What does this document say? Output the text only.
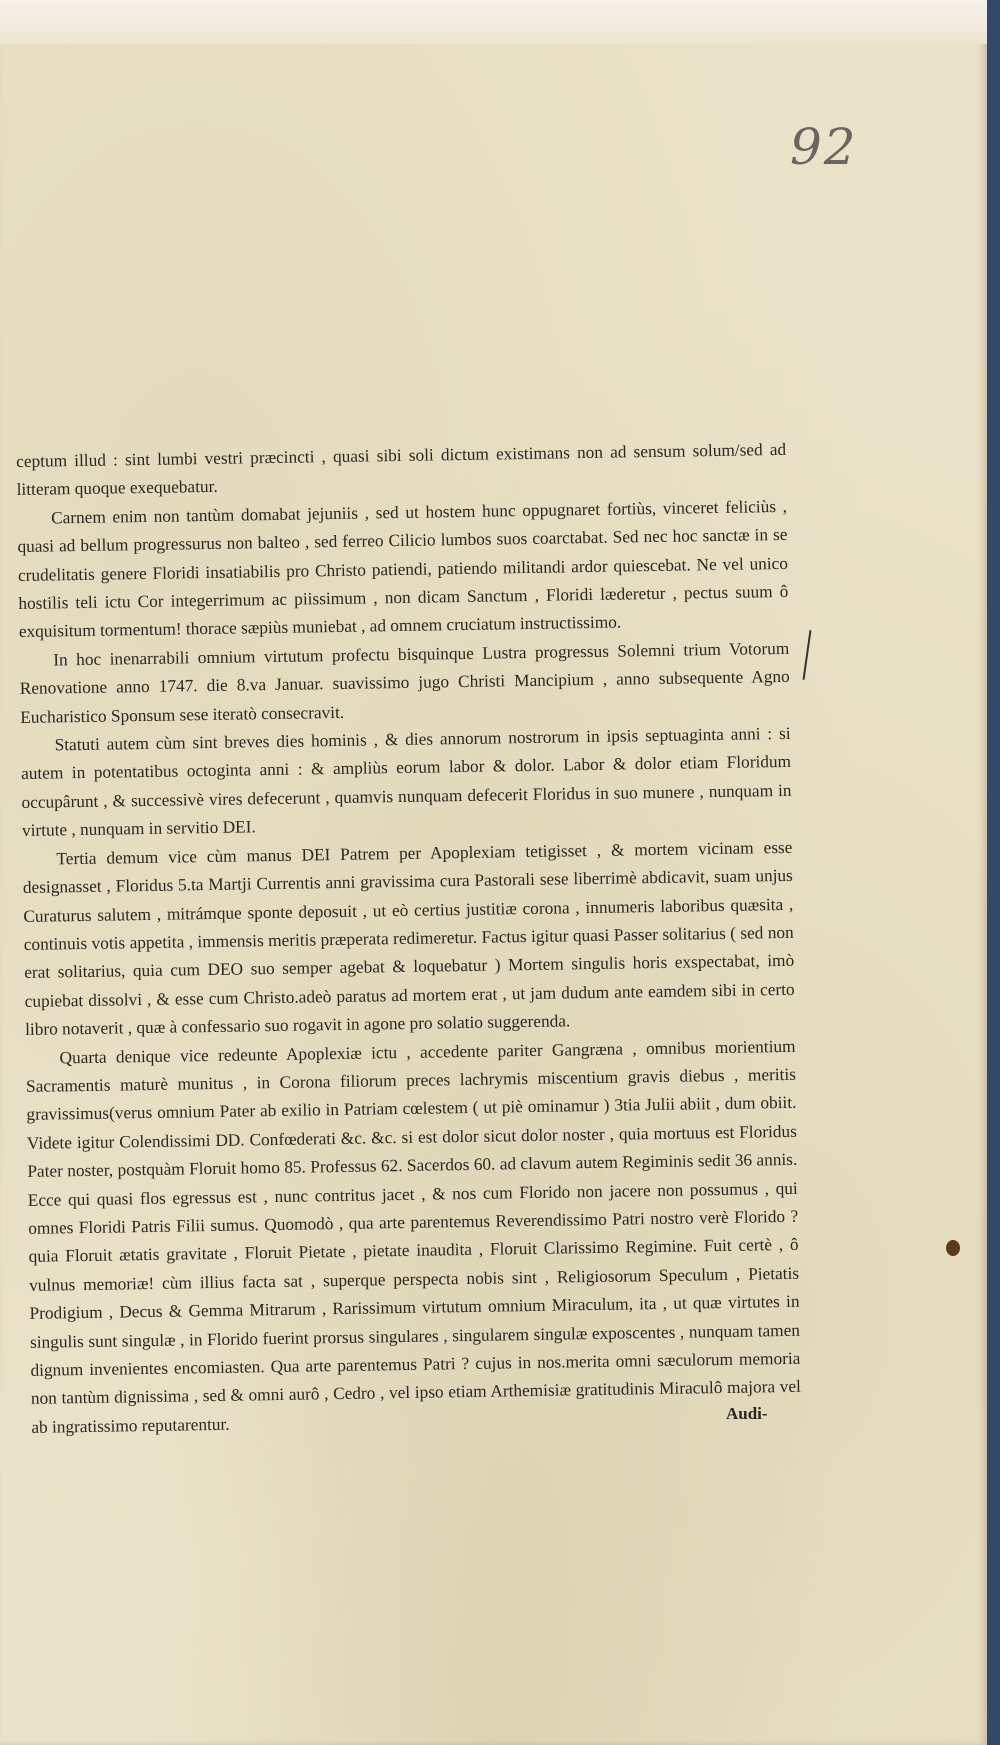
92

ceptum illud : sint lumbi vestri præcincti , quasi sibi soli dictum existimans non ad sensum solum/sed ad litteram quoque exequebatur.

Carnem enim non tantùm domabat jejuniis , sed ut hostem hunc oppugnaret fortiùs, vinceret feliciùs , quasi ad bellum progressurus non balteo , sed ferreo Cilicio lumbos suos coarctabat. Sed nec hoc sanctæ in se crudelitatis genere Floridi insatiabilis pro Christo patiendi, patiendo militandi ardor quiescebat. Ne vel unico hostilis teli ictu Cor integerrimum ac piissimum , non dicam Sanctum , Floridi læderetur , pectus suum ô exquisitum tormentum! thorace sæpiùs muniebat , ad omnem cruciatum instructissimo.

In hoc inenarrabili omnium virtutum profectu bisquinque Lustra progressus Solemni trium Votorum Renovatione anno 1747. die 8.va Januar. suavissimo jugo Christi Mancipium , anno subsequente Agno Eucharistico Sponsum sese iteratò consecravit.

Statuti autem cùm sint breves dies hominis , & dies annorum nostrorum in ipsis septuaginta anni : si autem in potentatibus octoginta anni : & ampliùs eorum labor & dolor. Labor & dolor etiam Floridum occupârunt , & successivè vires defecerunt , quamvis nunquam defecerit Floridus in suo munere , nunquam in virtute , nunquam in servitio DEI.

Tertia demum vice cùm manus DEI Patrem per Apoplexiam tetigisset , & mortem vicinam esse designasset , Floridus 5.ta Martji Currentis anni gravissima cura Pastorali sese liberrimè abdicavit, suam unjus Curaturus salutem , mitrámque sponte deposuit , ut eò certius justitiæ corona , innumeris laboribus quæsita , continuis votis appetita , immensis meritis præperata redimeretur. Factus igitur quasi Passer solitarius ( sed non erat solitarius, quia cum DEO suo semper agebat & loquebatur ) Mortem singulis horis exspectabat, imò cupiebat dissolvi , & esse cum Christo.adeò paratus ad mortem erat , ut jam dudum ante eamdem sibi in certo libro notaverit , quæ à confessario suo rogavit in agone pro solatio suggerenda.

Quarta denique vice redeunte Apoplexiæ ictu , accedente pariter Gangræna , omnibus morientium Sacramentis maturè munitus , in Corona filiorum preces lachrymis miscentium gravis diebus , meritis gravissimus(verus omnium Pater ab exilio in Patriam cœlestem ( ut piè ominamur ) 3tia Julii abiit , dum obiit. Videte igitur Colendissimi DD. Confœderati &c. &c. si est dolor sicut dolor noster , quia mortuus est Floridus Pater noster, postquàm Floruit homo 85. Professus 62. Sacerdos 60. ad clavum autem Regiminis sedit 36 annis. Ecce qui quasi flos egressus est , nunc contritus jacet , & nos cum Florido non jacere non possumus , qui omnes Floridi Patris Filii sumus. Quomodò , qua arte parentemus Reverendissimo Patri nostro verè Florido ? quia Floruit ætatis gravitate , Floruit Pietate , pietate inaudita , Floruit Clarissimo Regimine. Fuit certè , ô vulnus memoriæ! cùm illius facta sat , superque perspecta nobis sint , Religiosorum Speculum , Pietatis Prodigium , Decus & Gemma Mitrarum , Rarissimum virtutum omnium Miraculum, ita , ut quæ virtutes in singulis sunt singulæ , in Florido fuerint prorsus singulares , singularem singulæ exposcentes , nunquam tamen dignum invenientes encomiasten. Qua arte parentemus Patri ? cujus in nos.merita omni sæculorum memoria non tantùm dignissima , sed & omni aurô , Cedro , vel ipso etiam Arthemisiæ gratitudinis Miraculô majora vel ab ingratissimo reputarentur.

Audi-
